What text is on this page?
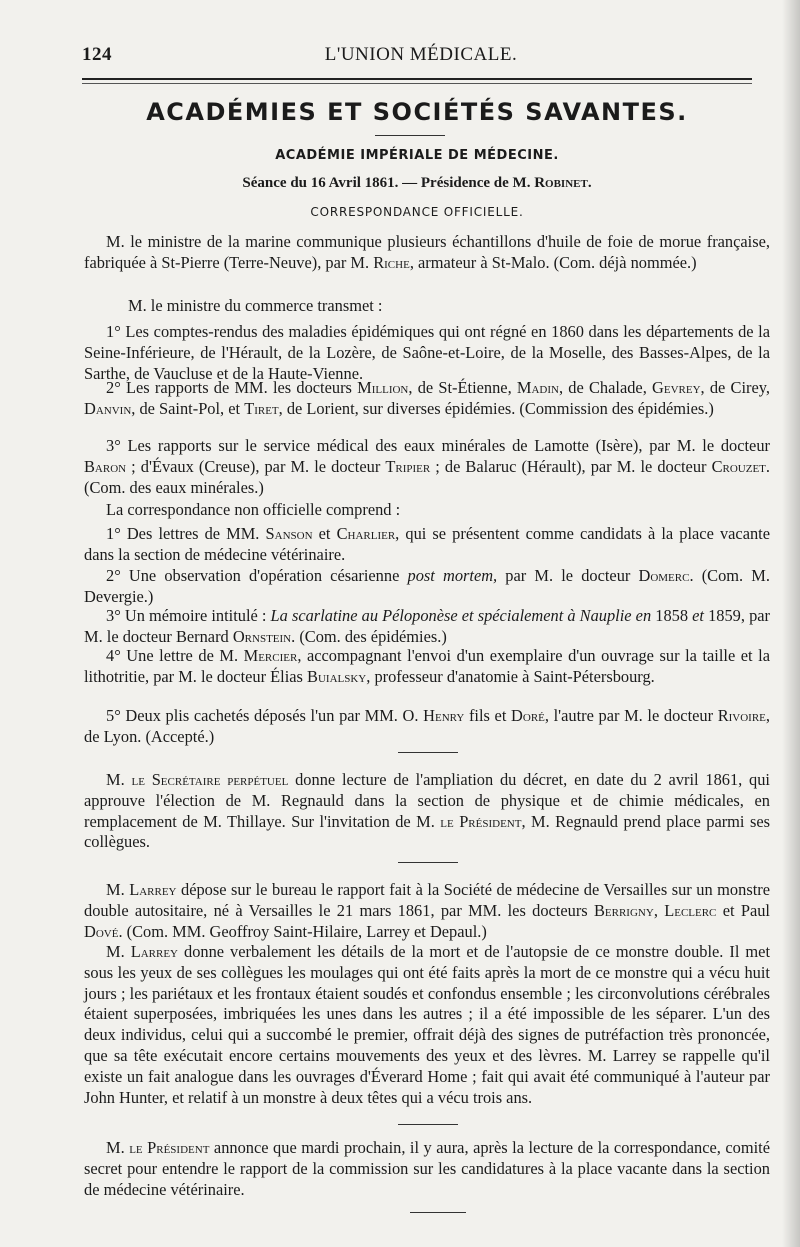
124	L'UNION MÉDICALE.
ACADÉMIES ET SOCIÉTÉS SAVANTES.
ACADÉMIE IMPÉRIALE DE MÉDECINE.
Séance du 16 Avril 1861. — Présidence de M. Robinet.
CORRESPONDANCE OFFICIELLE.
M. le ministre de la marine communique plusieurs échantillons d'huile de foie de morue française, fabriquée à St-Pierre (Terre-Neuve), par M. Riche, armateur à St-Malo. (Com. déjà nommée.)
M. le ministre du commerce transmet :
1° Les comptes-rendus des maladies épidémiques qui ont régné en 1860 dans les départements de la Seine-Inférieure, de l'Hérault, de la Lozère, de Saône-et-Loire, de la Moselle, des Basses-Alpes, de la Sarthe, de Vaucluse et de la Haute-Vienne.
2° Les rapports de MM. les docteurs Million, de St-Étienne, Madin, de Chalade, Gevrey, de Cirey, Danvin, de Saint-Pol, et Tiret, de Lorient, sur diverses épidémies. (Commission des épidémies.)
3° Les rapports sur le service médical des eaux minérales de Lamotte (Isère), par M. le docteur Baron ; d'Évaux (Creuse), par M. le docteur Tripier ; de Balaruc (Hérault), par M. le docteur Crouzet. (Com. des eaux minérales.)
La correspondance non officielle comprend :
1° Des lettres de MM. Sanson et Charlier, qui se présentent comme candidats à la place vacante dans la section de médecine vétérinaire.
2° Une observation d'opération césarienne post mortem, par M. le docteur Domerc. (Com. M. Devergie.)
3° Un mémoire intitulé : La scarlatine au Péloponèse et spécialement à Nauplie en 1858 et 1859, par M. le docteur Bernard Ornstein. (Com. des épidémies.)
4° Une lettre de M. Mercier, accompagnant l'envoi d'un exemplaire d'un ouvrage sur la taille et la lithotritie, par M. le docteur Élias Buialsky, professeur d'anatomie à Saint-Pétersbourg.
5° Deux plis cachetés déposés l'un par MM. O. Henry fils et Doré, l'autre par M. le docteur Rivoire, de Lyon. (Accepté.)
M. le Secrétaire perpétuel donne lecture de l'ampliation du décret, en date du 2 avril 1861, qui approuve l'élection de M. Regnauld dans la section de physique et de chimie médicales, en remplacement de M. Thillaye. Sur l'invitation de M. le Président, M. Regnauld prend place parmi ses collègues.
M. Larrey dépose sur le bureau le rapport fait à la Société de médecine de Versailles sur un monstre double autositaire, né à Versailles le 21 mars 1861, par MM. les docteurs Berrigny, Leclerc et Paul Dové. (Com. MM. Geoffroy Saint-Hilaire, Larrey et Depaul.)
M. Larrey donne verbalement les détails de la mort et de l'autopsie de ce monstre double. Il met sous les yeux de ses collègues les moulages qui ont été faits après la mort de ce monstre qui a vécu huit jours ; les pariétaux et les frontaux étaient soudés et confondus ensemble ; les circonvolutions cérébrales étaient superposées, imbriquées les unes dans les autres ; il a été impossible de les séparer. L'un des deux individus, celui qui a succombé le premier, offrait déjà des signes de putréfaction très prononcée, que sa tête exécutait encore certains mouvements des yeux et des lèvres. M. Larrey se rappelle qu'il existe un fait analogue dans les ouvrages d'Éverard Home ; fait qui avait été communiqué à l'auteur par John Hunter, et relatif à un monstre à deux têtes qui a vécu trois ans.
M. le Président annonce que mardi prochain, il y aura, après la lecture de la correspondance, comité secret pour entendre le rapport de la commission sur les candidatures à la place vacante dans la section de médecine vétérinaire.
